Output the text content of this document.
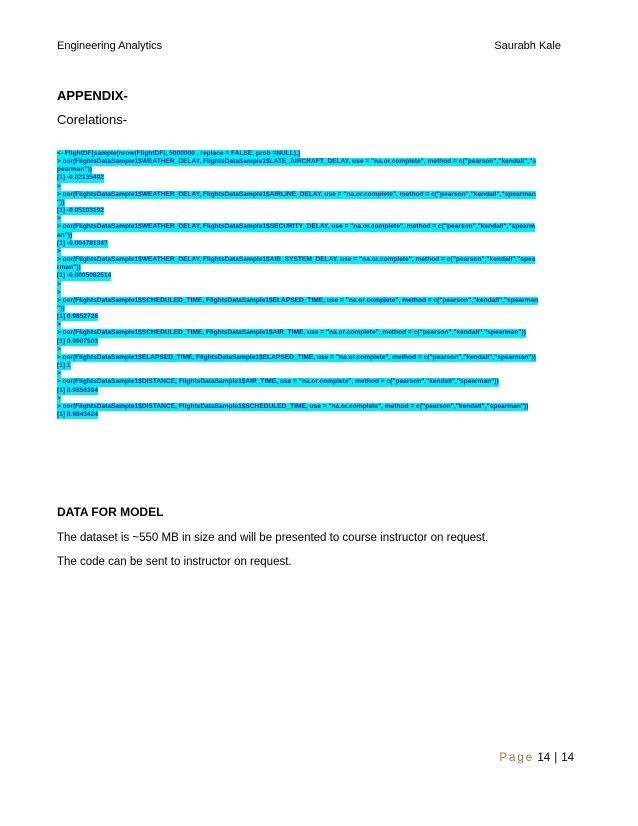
Engineering Analytics	Saurabh Kale
APPENDIX-
Corelations-
<- FlightDF[sample(nrow(FlightDF), 5000000 , replace = FALSE, prob =NULL),]
> cor(FlightsDataSample1$WEATHER_DELAY, FlightsDataSample1$LATE_AIRCRAFT_DELAY, use = "na.or.complete", method = c("pearson","kendall","s
pearman"))
[1] -0.02135492
>
> cor(FlightsDataSample1$WEATHER_DELAY, FlightsDataSample1$AIRLINE_DELAY, use = "na.or.complete", method = c("pearson","kendall","spearman
"))
[1] -0.05103192
>
> cor(FlightsDataSample1$WEATHER_DELAY, FlightsDataSample1$SECURITY_DELAY, use = "na.or.complete", method = c("pearson","kendall","spearm
an"))
[1] -0.004781347
>
> cor(FlightsDataSample1$WEATHER_DELAY, FlightsDataSample1$AIR_SYSTEM_DELAY, use = "na.or.complete", method = c("pearson","kendall","spea
rman"))
[1] -0.0005082514
>
>
> cor(FlightsDataSample1$SCHEDULED_TIME, FlightsDataSample1$ELAPSED_TIME, use = "na.or.complete", method = c("pearson","kendall","spearman
"))
[1] 0.9852726
>
> cor(FlightsDataSample1$SCHEDULED_TIME, FlightsDataSample1$AIR_TIME, use = "na.or.complete", method = c("pearson","kendall","spearman"))
[1] 0.9907503
>
> cor(FlightsDataSample1$ELAPSED_TIME, FlightsDataSample1$ELAPSED_TIME, use = "na.or.complete", method = c("pearson","kendall","spearman"))
[1] 1
>
> cor(FlightsDataSample1$DISTANCE, FlightsDataSample1$AIR_TIME, use = "na.or.complete", method = c("pearson","kendall","spearman"))
[1] 0.9856394
>
> cor(FlightsDataSample1$DISTANCE, FlightsDataSample1$SCHEDULED_TIME, use = "na.or.complete", method = c("pearson","kendall","spearman"))
[1] 0.9843424
DATA FOR MODEL
The dataset is ~550 MB in size and will be presented to course instructor on request.
The code can be sent to instructor on request.
Page 14 | 14
